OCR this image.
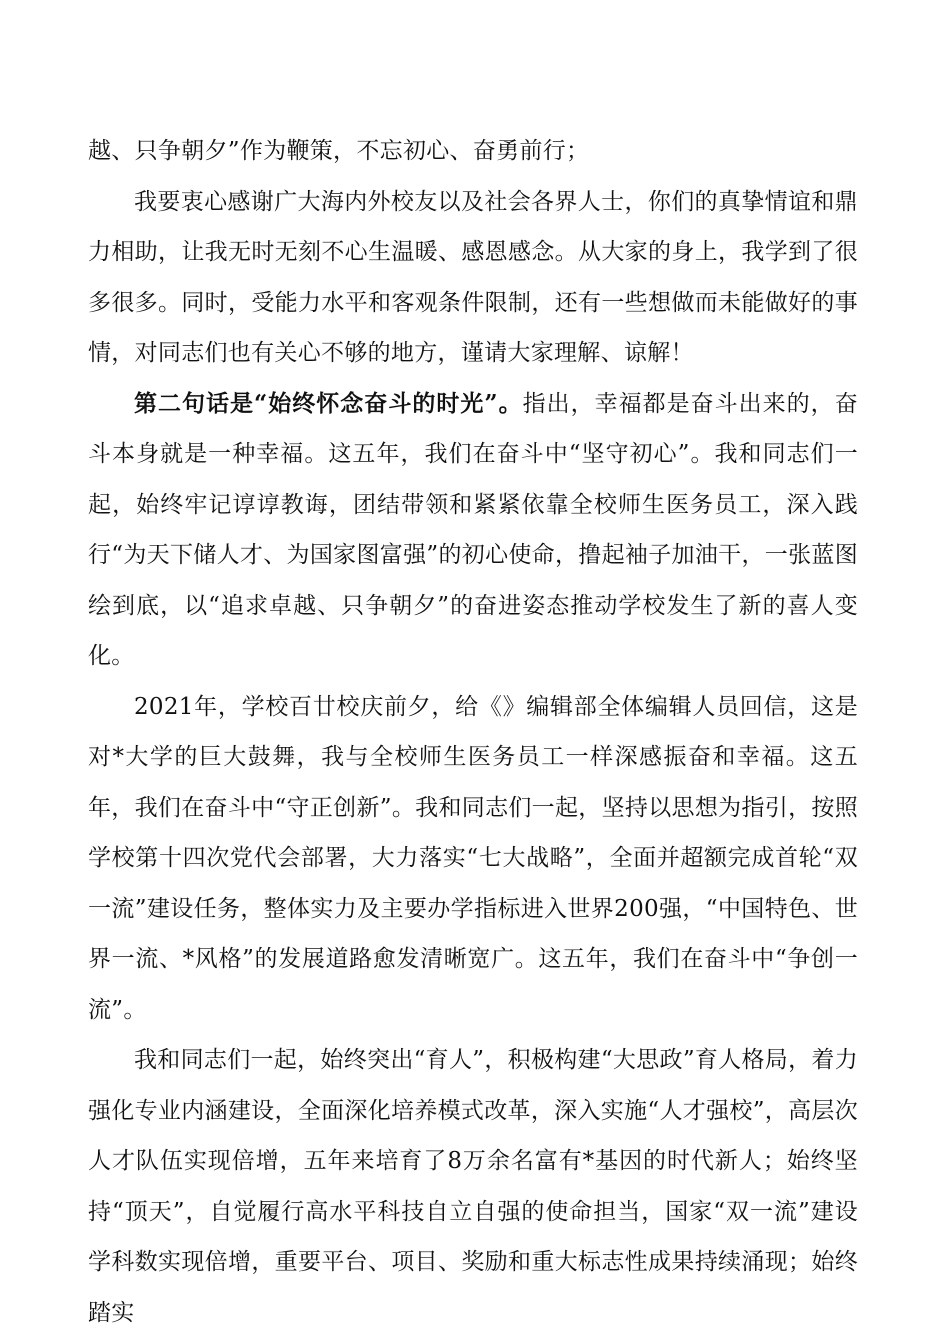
越、只争朝夕”作为鞭策，不忘初心、奋勇前行；

我要衷心感谢广大海内外校友以及社会各界人士，你们的真挚情谊和鼎力相助，让我无时无刻不心生温暖、感恩感念。从大家的身上，我学到了很多很多。同时，受能力水平和客观条件限制，还有一些想做而未能做好的事情，对同志们也有关心不够的地方，谨请大家理解、谅解！

第二句话是“始终怀念奋斗的时光”。指出，幸福都是奋斗出来的，奋斗本身就是一种幸福。这五年，我们在奋斗中“坚守初心”。我和同志们一起，始终牢记谆谆教诲，团结带领和紧紧依靠全校师生医务员工，深入践行“为天下储人才、为国家图富强”的初心使命，撸起袖子加油干，一张蓝图绘到底，以“追求卓越、只争朝夕”的奋进姿态推动学校发生了新的喜人变化。

2021年，学校百廿校庆前夕，给《》编辑部全体编辑人员回信，这是对*大学的巨大鼓舞，我与全校师生医务员工一样深感振奋和幸福。这五年，我们在奋斗中“守正创新”。我和同志们一起，坚持以思想为指引，按照学校第十四次党代会部署，大力落实“七大战略”，全面并超额完成首轮“双一流”建设任务，整体实力及主要办学指标进入世界200强，“中国特色、世界一流、*风格”的发展道路愈发清晰宽广。这五年，我们在奋斗中“争创一流”。

我和同志们一起，始终突出“育人”，积极构建“大思政”育人格局，着力强化专业内涵建设，全面深化培养模式改革，深入实施“人才强校”，高层次人才队伍实现倍增，五年来培育了8万余名富有*基因的时代新人；始终坚持“顶天”，自觉履行高水平科技自立自强的使命担当，国家“双一流”建设学科数实现倍增，重要平台、项目、奖励和重大标志性成果持续涌现；始终踏实
